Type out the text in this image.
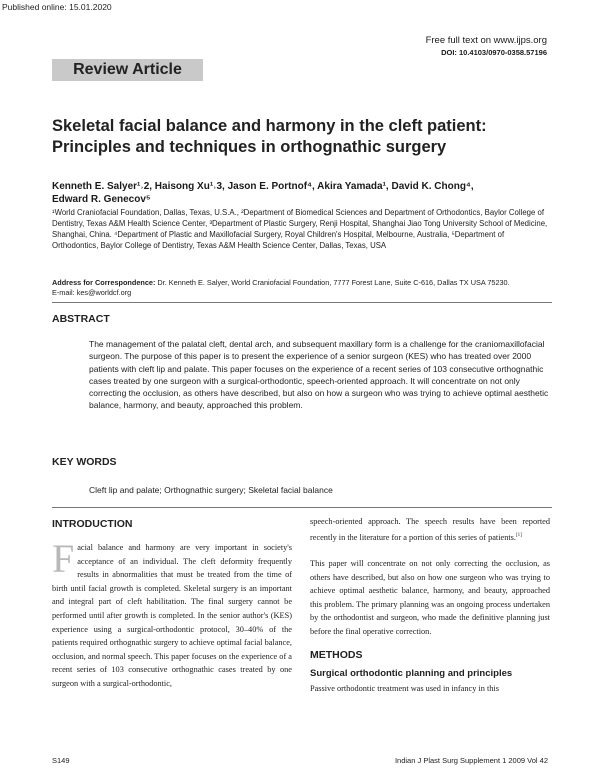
Published online: 15.01.2020
Free full text on www.ijps.org
DOI: 10.4103/0970-0358.57196
Review Article
Skeletal facial balance and harmony in the cleft patient: Principles and techniques in orthognathic surgery
Kenneth E. Salyer¹˒2, Haisong Xu¹˒3, Jason E. Portnof⁴, Akira Yamada¹, David K. Chong⁴,
Edward R. Genecov⁵
¹World Craniofacial Foundation, Dallas, Texas, U.S.A., ²Department of Biomedical Sciences and Department of Orthodontics, Baylor College of Dentistry, Texas A&M Health Science Center, ³Department of Plastic Surgery, Renji Hospital, Shanghai Jiao Tong University School of Medicine, Shanghai, China. ⁴Department of Plastic and Maxillofacial Surgery, Royal Children's Hospital, Melbourne, Australia, ⁵Department of Orthodontics, Baylor College of Dentistry, Texas A&M Health Science Center, Dallas, Texas, USA
Address for Correspondence: Dr. Kenneth E. Salyer, World Craniofacial Foundation, 7777 Forest Lane, Suite C-616, Dallas TX USA 75230.
E-mail: kes@worldcf.org
ABSTRACT
The management of the palatal cleft, dental arch, and subsequent maxillary form is a challenge for the craniomaxillofacial surgeon. The purpose of this paper is to present the experience of a senior surgeon (KES) who has treated over 2000 patients with cleft lip and palate. This paper focuses on the experience of a recent series of 103 consecutive orthognathic cases treated by one surgeon with a surgical-orthodontic, speech-oriented approach. It will concentrate on not only correcting the occlusion, as others have described, but also on how a surgeon who was trying to achieve optimal aesthetic balance, harmony, and beauty, approached this problem.
KEY WORDS
Cleft lip and palate; Orthognathic surgery; Skeletal facial balance
INTRODUCTION
Facial balance and harmony are very important in society's acceptance of an individual. The cleft deformity frequently results in abnormalities that must be treated from the time of birth until facial growth is completed. Skeletal surgery is an important and integral part of cleft habilitation. The final surgery cannot be performed until after growth is completed. In the senior author's (KES) experience using a surgical-orthodontic protocol, 30–40% of the patients required orthognathic surgery to achieve optimal facial balance, occlusion, and normal speech. This paper focuses on the experience of a recent series of 103 consecutive orthognathic cases treated by one surgeon with a surgical-orthodontic,
speech-oriented approach. The speech results have been reported recently in the literature for a portion of this series of patients.[1]
This paper will concentrate on not only correcting the occlusion, as others have described, but also on how one surgeon who was trying to achieve optimal aesthetic balance, harmony, and beauty, approached this problem. The primary planning was an ongoing process undertaken by the orthodontist and surgeon, who made the definitive planning just before the final operative correction.
METHODS
Surgical orthodontic planning and principles
Passive orthodontic treatment was used in infancy in this
S149	Indian J Plast Surg Supplement 1 2009 Vol 42
